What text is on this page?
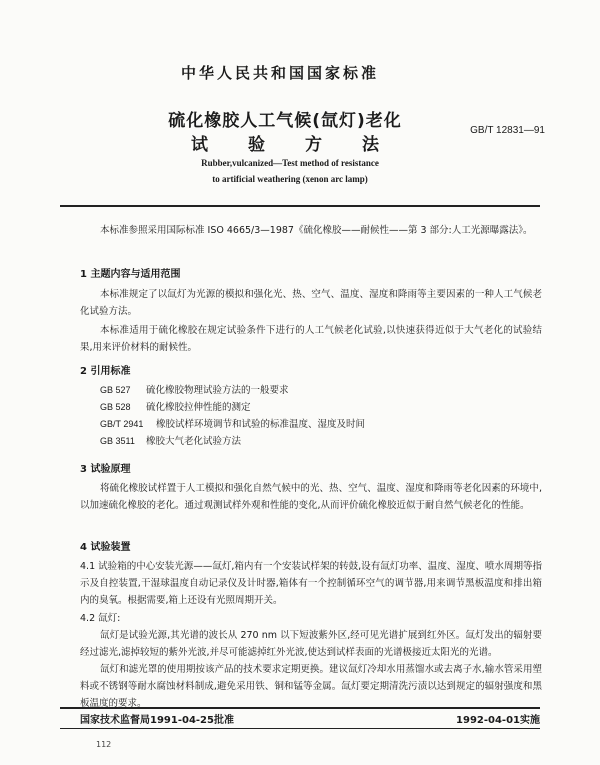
中华人民共和国国家标准
硫化橡胶人工气候(氙灯)老化
试验方法
GB/T 12831—91
Rubber,vulcanized—Test method of resistance
to artificial weathering (xenon arc lamp)
本标准参照采用国际标准 ISO 4665/3—1987《硫化橡胶——耐候性——第 3 部分:人工光源曝露法》。
1 主题内容与适用范围
本标准规定了以氙灯为光源的模拟和强化光、热、空气、温度、湿度和降雨等主要因素的一种人工气候老化试验方法。
本标准适用于硫化橡胶在规定试验条件下进行的人工气候老化试验,以快速获得近似于大气老化的试验结果,用来评价材料的耐候性。
2 引用标准
GB 527 硫化橡胶物理试验方法的一般要求
GB 528 硫化橡胶拉伸性能的测定
GB/T 2941 橡胶试样环境调节和试验的标准温度、湿度及时间
GB 3511 橡胶大气老化试验方法
3 试验原理
将硫化橡胶试样置于人工模拟和强化自然气候中的光、热、空气、温度、湿度和降雨等老化因素的环境中,以加速硫化橡胶的老化。通过观测试样外观和性能的变化,从而评价硫化橡胶近似于耐自然气候老化的性能。
4 试验装置
4.1 试验箱的中心安装光源——氙灯,箱内有一个安装试样架的转鼓,设有氙灯功率、温度、湿度、喷水周期等指示及自控装置,干湿球温度自动记录仪及计时器,箱体有一个控制循环空气的调节器,用来调节黑板温度和排出箱内的臭氧。根据需要,箱上还设有光照周期开关。
4.2 氙灯:
氙灯是试验光源,其光谱的波长从 270 nm 以下短波紫外区,经可见光谱扩展到红外区。氙灯发出的辐射要经过滤光,滤掉较短的紫外光波,并尽可能滤掉红外光波,使达到试样表面的光谱极接近太阳光的光谱。
氙灯和滤光罩的使用期按该产品的技术要求定期更换。建议氙灯冷却水用蒸馏水或去离子水,输水管采用塑料或不锈钢等耐水腐蚀材料制成,避免采用铁、铜和锰等金属。氙灯要定期清洗污渍以达到规定的辐射强度和黑板温度的要求。
国家技术监督局1991-04-25批准	1992-04-01实施
112
